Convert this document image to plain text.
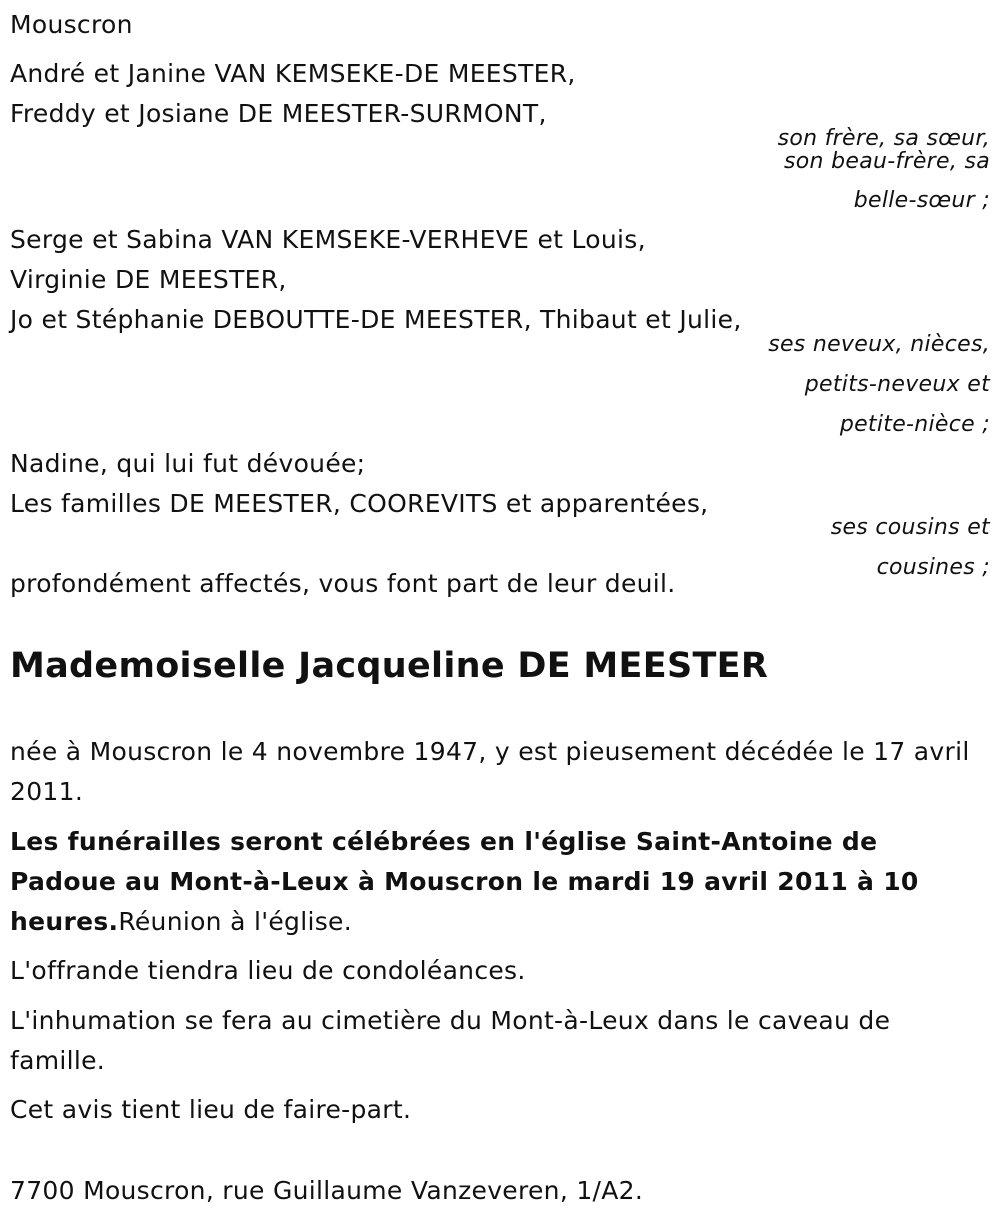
Mouscron
André et Janine VAN KEMSEKE-DE MEESTER,
Freddy et Josiane DE MEESTER-SURMONT,
son frère, sa sœur,
son beau-frère, sa
belle-sœur ;
Serge et Sabina VAN KEMSEKE-VERHEVE et Louis,
Virginie DE MEESTER,
Jo et Stéphanie DEBOUTTE-DE MEESTER, Thibaut et Julie,
ses neveux, nièces,
petits-neveux et
petite-nièce ;
Nadine, qui lui fut dévouée;
Les familles DE MEESTER, COOREVITS et apparentées,
ses cousins et
cousines ;
profondément affectés, vous font part de leur deuil.
Mademoiselle Jacqueline DE MEESTER
née à Mouscron le 4 novembre 1947, y est pieusement décédée le 17 avril 2011.
Les funérailles seront célébrées en l'église Saint-Antoine de Padoue au Mont-à-Leux à Mouscron le mardi 19 avril 2011 à 10 heures.Réunion à l'église.
L'offrande tiendra lieu de condoléances.
L'inhumation se fera au cimetière du Mont-à-Leux dans le caveau de famille.
Cet avis tient lieu de faire-part.
7700 Mouscron, rue Guillaume Vanzeveren, 1/A2.
